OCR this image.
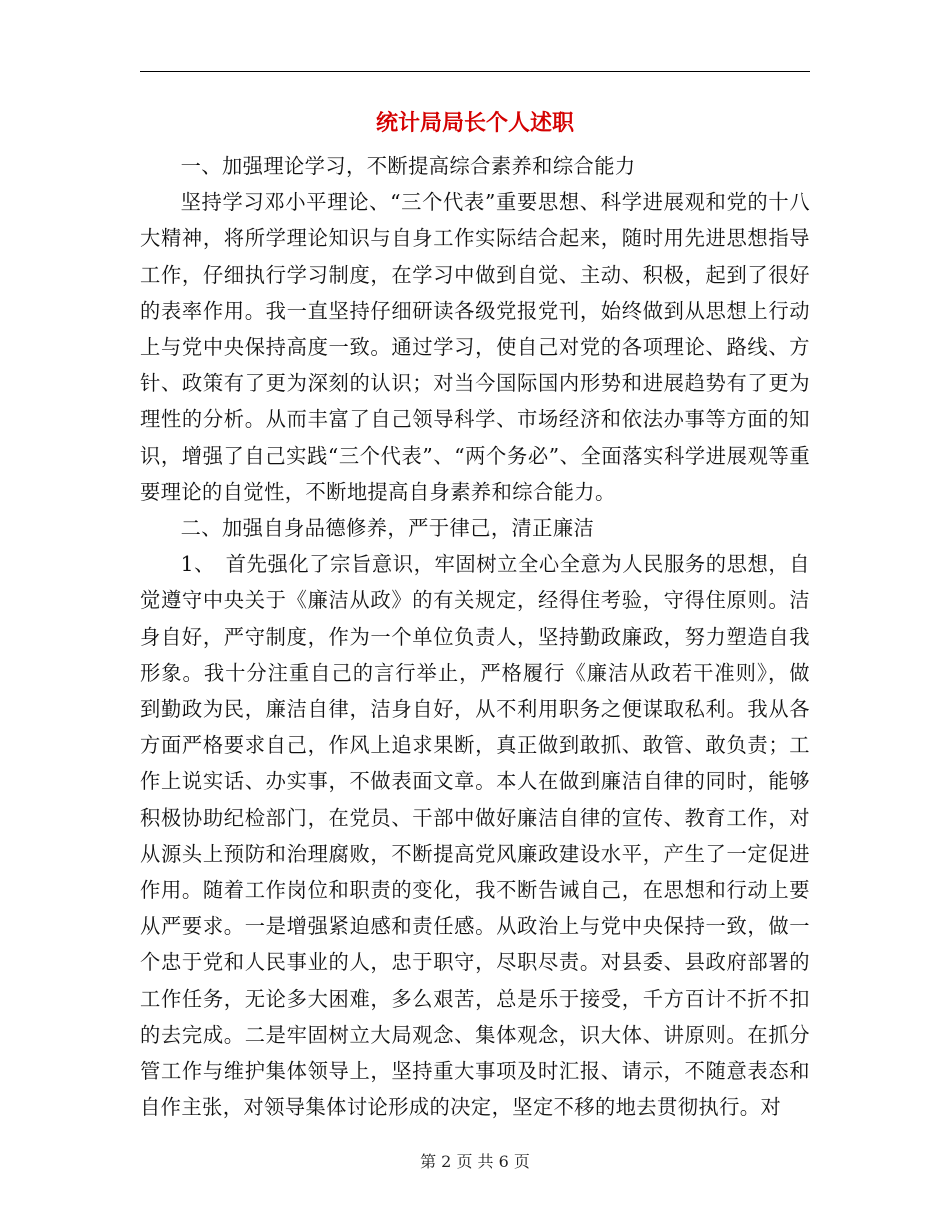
统计局局长个人述职

一、加强理论学习，不断提高综合素养和综合能力

坚持学习邓小平理论、“三个代表”重要思想、科学进展观和党的十八大精神，将所学理论知识与自身工作实际结合起来，随时用先进思想指导工作，仔细执行学习制度，在学习中做到自觉、主动、积极，起到了很好的表率作用。我一直坚持仔细研读各级党报党刊，始终做到从思想上行动上与党中央保持高度一致。通过学习，使自己对党的各项理论、路线、方针、政策有了更为深刻的认识；对当今国际国内形势和进展趋势有了更为理性的分析。从而丰富了自己领导科学、市场经济和依法办事等方面的知识，增强了自己实践“三个代表”、“两个务必”、全面落实科学进展观等重要理论的自觉性，不断地提高自身素养和综合能力。

二、加强自身品德修养，严于律己，清正廉洁

1、　首先强化了宗旨意识，牢固树立全心全意为人民服务的思想，自觉遵守中央关于《廉洁从政》的有关规定，经得住考验，守得住原则。洁身自好，严守制度，作为一个单位负责人，坚持勤政廉政，努力塑造自我形象。我十分注重自己的言行举止，严格履行《廉洁从政若干准则》，做到勤政为民，廉洁自律，洁身自好，从不利用职务之便谋取私利。我从各方面严格要求自己，作风上追求果断，真正做到敢抓、敢管、敢负责；工作上说实话、办实事，不做表面文章。本人在做到廉洁自律的同时，能够积极协助纪检部门，在党员、干部中做好廉洁自律的宣传、教育工作，对从源头上预防和治理腐败，不断提高党风廉政建设水平，产生了一定促进作用。随着工作岗位和职责的变化，我不断告诫自己，在思想和行动上要从严要求。一是增强紧迫感和责任感。从政治上与党中央保持一致，做一个忠于党和人民事业的人，忠于职守，尽职尽责。对县委、县政府部署的工作任务，无论多大困难，多么艰苦，总是乐于接受，千方百计不折不扣的去完成。二是牢固树立大局观念、集体观念，识大体、讲原则。在抓分管工作与维护集体领导上，坚持重大事项及时汇报、请示，不随意表态和自作主张，对领导集体讨论形成的决定，坚定不移的地去贯彻执行。对

第 2 页 共 6 页
